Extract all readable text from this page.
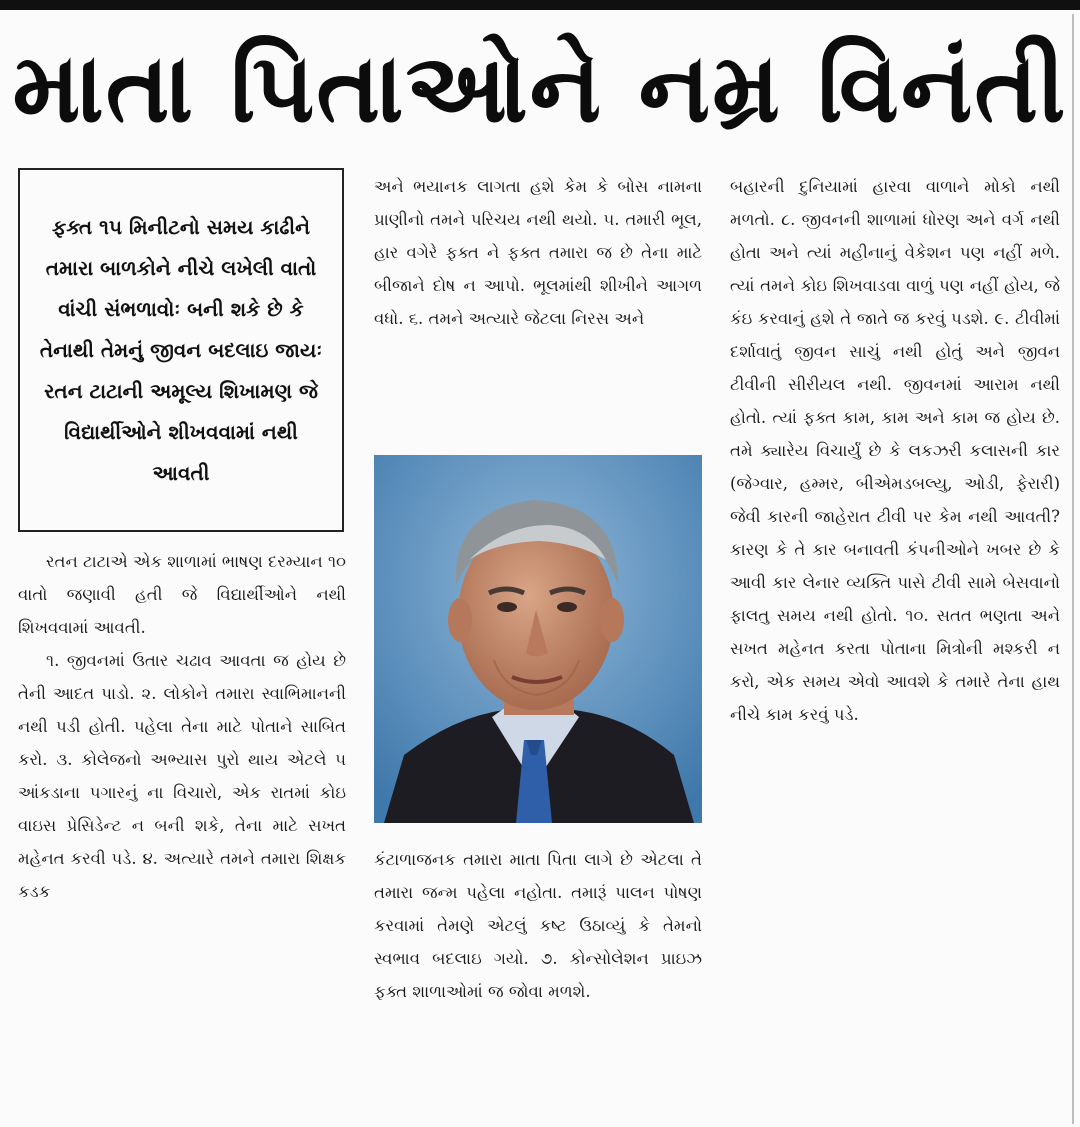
માતા પિતાઓને નમ્ર વિનંતી

ફક્ત ૧૫ મિનીટનો સમય કાઢીને તમારા બાળકોને નીચે લખેલી વાતો વાંચી સંભળાવોઃ બની શકે છે કે તેનાથી તેમનું જીવન બદલાઇ જાયઃ રતન ટાટાની અમૂલ્ય શિખામણ જે વિદ્યાર્થીઓને શીખવવામાં નથી આવતી

રતન ટાટાએ એક શાળામાં ભાષણ દરમ્યાન ૧૦ વાતો જણાવી હતી જે વિદ્યાર્થીઓને નથી શિખવવામાં આવતી.

૧. જીવનમાં ઉતાર ચઢાવ આવતા જ હોય છે તેની આદત પાડો. ૨. લોકોને તમારા સ્વાભિમાનની નથી પડી હોતી. પહેલા તેના માટે પોતાને સાબિત કરો. ૩. કોલેજનો અભ્યાસ પુરો થાય એટલે ૫ આંકડાના પગારનું ના વિચારો, એક રાતમાં કોઇ વાઇસ પ્રેસિડેન્ટ ન બની શકે, તેના માટે સખત મહેનત કરવી પડે. ૪. અત્યારે તમને તમારા શિક્ષક કડક

અને ભયાનક લાગતા હશે કેમ કે બોસ નામના પ્રાણીનો તમને પરિચય નથી થયો. ૫. તમારી ભૂલ, હાર વગેરે ફક્ત ને ફક્ત તમારા જ છે તેના માટે બીજાને દોષ ન આપો. ભૂલમાંથી શીખીને આગળ વધો. ૬. તમને અત્યારે જેટલા નિરસ અને

કંટાળાજનક તમારા માતા પિતા લાગે છે એટલા તે તમારા જન્મ પહેલા નહોતા. તમારૂં પાલન પોષણ કરવામાં તેમણે એટલું કષ્ટ ઉઠાવ્યું કે તેમનો સ્વભાવ બદલાઇ ગયો. ૭. કોન્સોલેશન પ્રાઇઝ ફક્ત શાળાઓમાં જ જોવા મળશે.

બહારની દુનિયામાં હારવા વાળાને મોકો નથી મળતો. ૮. જીવનની શાળામાં ધોરણ અને વર્ગ નથી હોતા અને ત્યાં મહીનાનું વેકેશન પણ નહીં મળે. ત્યાં તમને કોઇ શિખવાડવા વાળું પણ નહીં હોય, જે કંઇ કરવાનું હશે તે જાતે જ કરવું પડશે. ૯. ટીવીમાં દર્શાવાતું જીવન સાચું નથી હોતું અને જીવન ટીવીની સીરીયલ નથી. જીવનમાં આરામ નથી હોતો. ત્યાં ફક્ત કામ, કામ અને કામ જ હોય છે. તમે ક્યારેય વિચાર્યું છે કે લકઝરી કલાસની કાર (જેગ્વાર, હમ્મર, બીએમડબલ્યુ, ઓડી, ફેરારી) જેવી કારની જાહેરાત ટીવી પર કેમ નથી આવતી? કારણ કે તે કાર બનાવતી કંપનીઓને ખબર છે કે આવી કાર લેનાર વ્યક્તિ પાસે ટીવી સામે બેસવાનો ફાલતુ સમય નથી હોતો. ૧૦. સતત ભણતા અને સખત મહેનત કરતા પોતાના મિત્રોની મશ્કરી ન કરો, એક સમય એવો આવશે કે તમારે તેના હાથ નીચે કામ કરવું પડે.
